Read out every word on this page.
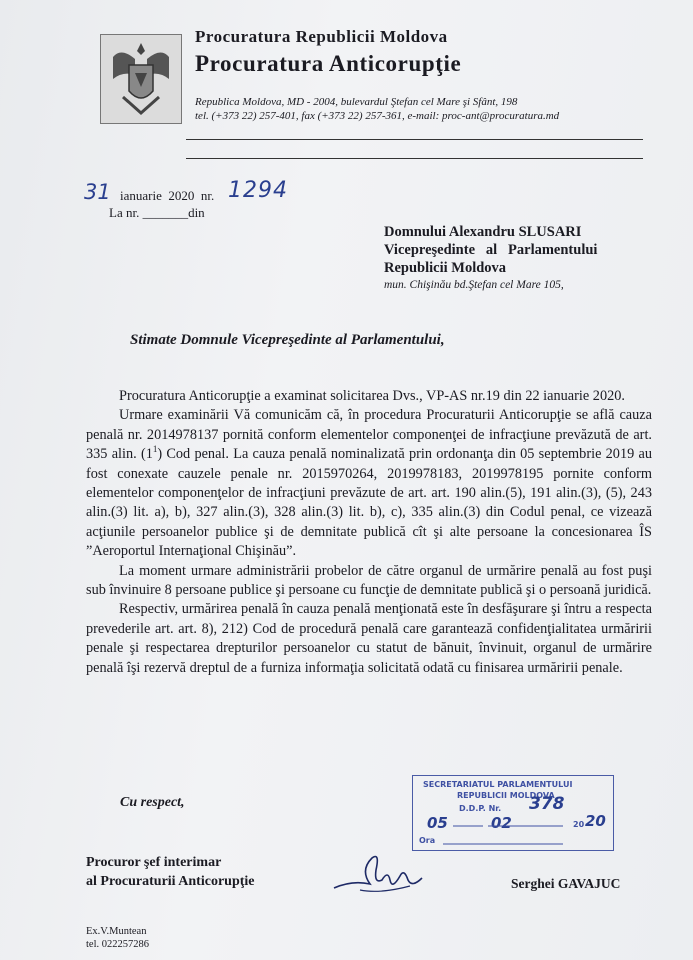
Procuratura Republicii Moldova
Procuratura Anticorupţie
Republica Moldova, MD - 2004, bulevardul Ştefan cel Mare şi Sfânt, 198
tel. (+373 22) 257-401, fax (+373 22) 257-361, e-mail: proc-ant@procuratura.md
31 ianuarie  2020  nr. 1294
La nr. _______din
Domnului Alexandru SLUSARI
Vicepreşedinte   al   Parlamentului
Republicii Moldova
mun. Chişinău bd.Ştefan cel Mare 105,
Stimate Domnule Vicepreşedinte al Parlamentului,

Procuratura Anticorupţie a examinat solicitarea Dvs., VP-AS nr.19 din 22 ianuarie 2020.

Urmare examinării Vă comunicăm că, în procedura Procuraturii Anticorupţie se află cauza penală nr. 2014978137 pornită conform elementelor componenţei de infracţiune prevăzută de art. 335 alin. $(1^1)$ Cod penal. La cauza penală nominalizată prin ordonanţa din 05 septembrie 2019 au fost conexate cauzele penale nr. 2015970264, 2019978183, 2019978195 pornite conform elementelor componenţelor de infracţiuni prevăzute de art. art. 190 alin.(5), 191 alin.(3), (5), 243 alin.(3) lit. a), b), 327 alin.(3), 328 alin.(3) lit. b), c), 335 alin.(3) din Codul penal, ce vizează acţiunile persoanelor publice şi de demnitate publică cît şi alte persoane la concesionarea ÎS ”Aeroportul Internaţional Chişinău”.

La moment urmare administrării probelor de către organul de urmărire penală au fost puşi sub învinuire 8 persoane publice şi persoane cu funcţie de demnitate publică şi o persoană juridică.

Respectiv, urmărirea penală în cauza penală menţionată este în desfăşurare şi întru a respecta prevederile art. art. 8), 212) Cod de procedură penală care garantează confidenţialitatea urmăririi penale şi respectarea drepturilor persoanelor cu statut de bănuit, învinuit, organul de urmărire penală îşi rezervă dreptul de a furniza informaţia solicitată odată cu finisarea urmăririi penale.

Cu respect,
SECRETARIATUL PARLAMENTULUI
REPUBLICII MOLDOVA
D.D.P. Nr. 378
05	02	20 20
Ora
Procuror şef interimar
al Procuraturii Anticorupţie	Serghei GAVAJUC
Ex.V.Muntean
tel. 022257286
